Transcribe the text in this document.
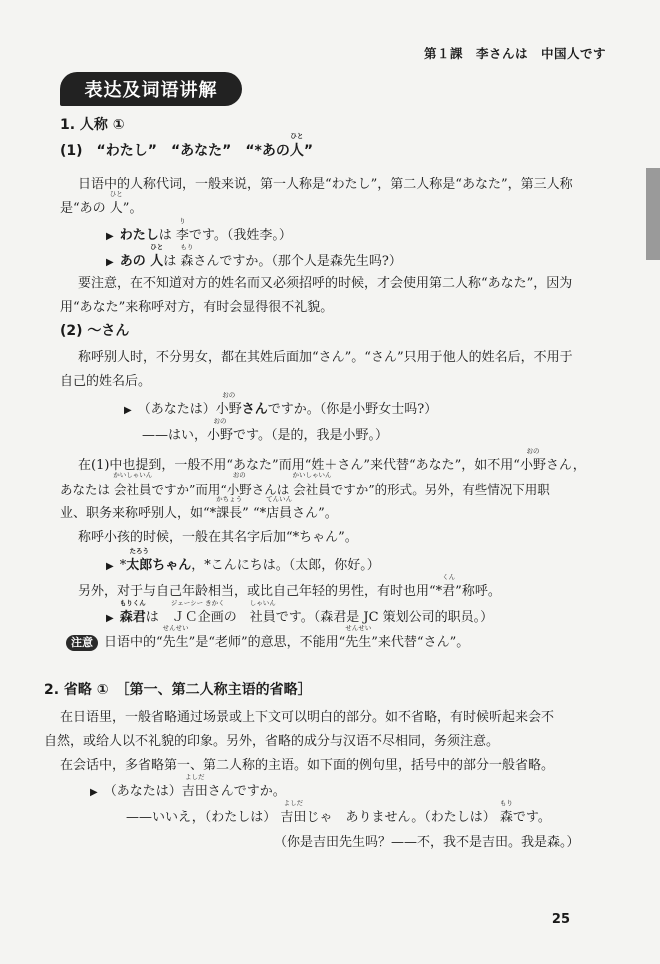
第１課　李さんは　中国人です
表达及词语讲解
1. 人称 ①
(1)　“わたし”　“あなた”　“*あの
ひと
人”
日语中的人称代词，一般来说，第一人称是“わたし”，第二人称是“あなた”，第三人称
是“あの
ひと
人”。
▶ わたしは
り
李です。（我姓李。）
▶ あの
ひと
人は
もり
森さんですか。（那个人是森先生吗?）
要注意，在不知道对方的姓名而又必须招呼的时候，才会使用第二人称“あなた”，因为
用“あなた”来称呼对方，有时会显得很不礼貌。
(2) ～さん
称呼别人时，不分男女，都在其姓后面加“さん”。“さん”只用于他人的姓名后，不用于
自己的姓名后。
▶ （あなたは）
おの
小野さんですか。（你是小野女士吗?）
——はい，
おの
小野です。（是的，我是小野。）
在(1)中也提到，一般不用“あなた”而用“姓＋さん”来代替“あなた”，如不用“
おの
小野さん，
あなたは
かいしゃいん
会社員ですか”而用“
おの
小野さんは
かいしゃいん
会社員ですか”的形式。另外，有些情况下用职
业、职务来称呼别人，如“*
かちょう
課長” “*
てんいん
店員さん”。
称呼小孩的时候，一般在其名字后加“*ちゃん”。
▶ *
たろう
太郎ちゃん，*こんにちは。（太郎，你好。）
另外，对于与自己年龄相当，或比自己年轻的男性，有时也用“*
くん
君”称呼。
▶
もりくん
森君は　
ジェーシー きかく
ＪＣ企画の　
しゃいん
社員です。（森君是 JC 策划公司的职员。）
注意 日语中的“
せんせい
先生”是“老师”的意思，不能用“
せんせい
先生”来代替“さん”。
2. 省略 ①　［第一、第二人称主语的省略］
在日语里，一般省略通过场景或上下文可以明白的部分。如不省略，有时候听起来会不
自然，或给人以不礼貌的印象。另外，省略的成分与汉语不尽相同，务须注意。
在会话中，多省略第一、第二人称的主语。如下面的例句里，括号中的部分一般省略。
▶ （あなたは）
よしだ
吉田さんですか。
——いいえ，（わたしは）
よしだ
吉田じゃ　ありません。（わたしは）
もり
森です。
（你是吉田先生吗？——不，我不是吉田。我是森。）
25
